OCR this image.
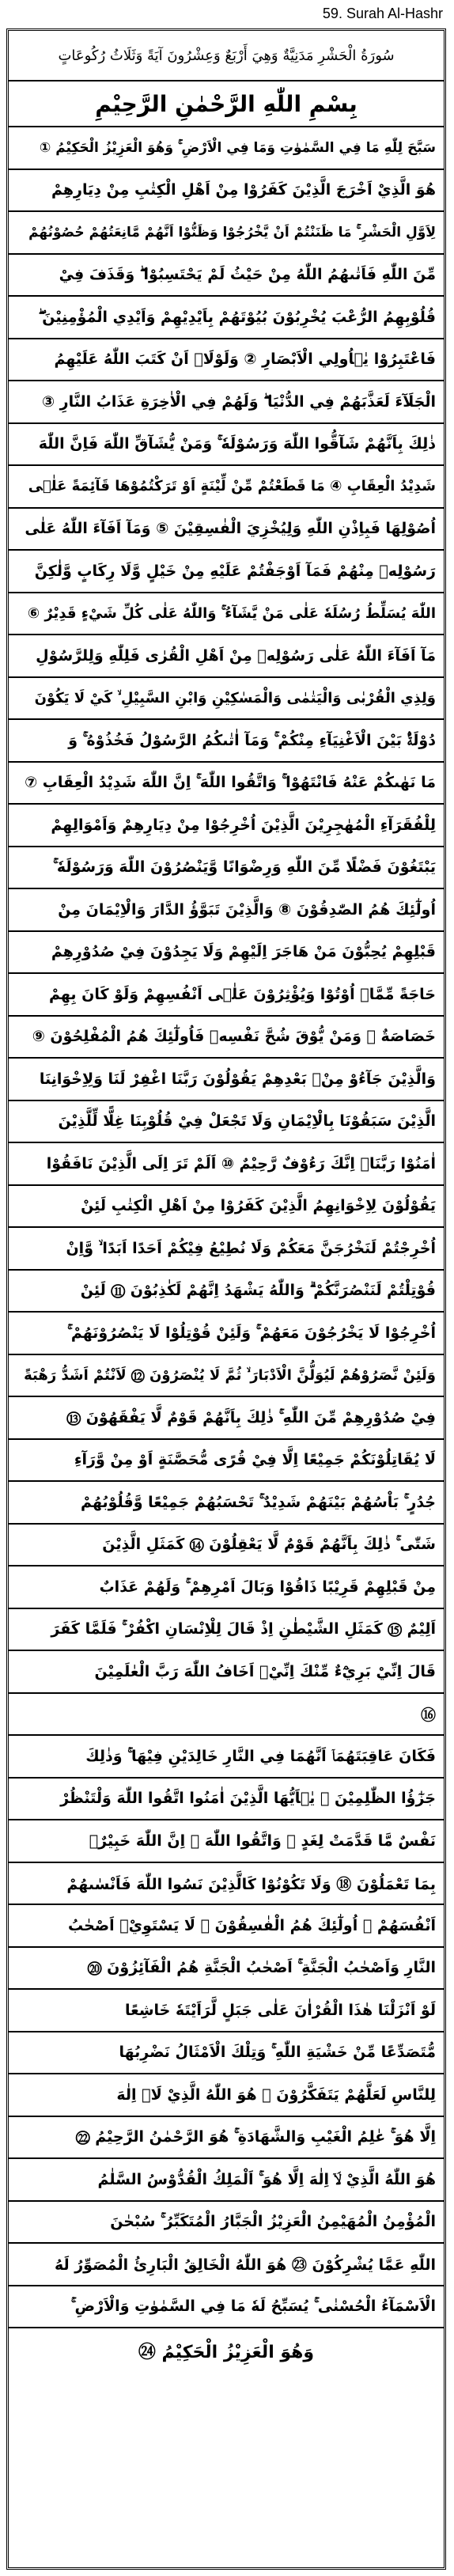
59. Surah Al-Hashr
سُورَةُ الْحَشْرِ مَدَنِيَّةٌ وَهِيَ أَرْبَعٌ وَعِشْرُونَ آيَةً وَثَلَاثُ رُكُوعَاتٍ
بِسْمِ اللّٰهِ الرَّحْمٰنِ الرَّحِيْمِ
سَبَّحَ لِلّٰهِ مَا فِي السَّمٰوٰتِ وَمَا فِي الْاَرْضِ ۚ وَهُوَ الْعَزِيْزُ الْحَكِيْمُ ①
هُوَ الَّذِيْ اَخْرَجَ الَّذِيْنَ كَفَرُوْا مِنْ اَهْلِ الْكِتٰبِ مِنْ دِيَارِهِمْ
لِاَوَّلِ الْحَشْرِ ۚ مَا ظَنَنْتُمْ اَنْ يَّخْرُجُوْا وَظَنُّوْا اَنَّهُمْ مَّانِعَتُهُمْ حُصُوْنُهُمْ
مِّنَ اللّٰهِ فَاَتٰىهُمُ اللّٰهُ مِنْ حَيْثُ لَمْ يَحْتَسِبُوْا ۖ وَقَذَفَ فِيْ
قُلُوْبِهِمُ الرُّعْبَ يُخْرِبُوْنَ بُيُوْتَهُمْ بِاَيْدِيْهِمْ وَاَيْدِي الْمُؤْمِنِيْنَ ۖ
فَاعْتَبِرُوْا يٰۤاُولِي الْاَبْصَارِ ② وَلَوْلَاۤ اَنْ كَتَبَ اللّٰهُ عَلَيْهِمُ
الْجَلَآءَ لَعَذَّبَهُمْ فِي الدُّنْيَا ۖ وَلَهُمْ فِي الْاٰخِرَةِ عَذَابُ النَّارِ ③
ذٰلِكَ بِاَنَّهُمْ شَآقُّوا اللّٰهَ وَرَسُوْلَهٗ ۚ وَمَنْ يُّشَآقِّ اللّٰهَ فَاِنَّ اللّٰهَ
شَدِيْدُ الْعِقَابِ ④ مَا قَطَعْتُمْ مِّنْ لِّيْنَةٍ اَوْ تَرَكْتُمُوْهَا قَآئِمَةً عَلٰۤى
اُصُوْلِهَا فَبِاِذْنِ اللّٰهِ وَلِيُخْزِيَ الْفٰسِقِيْنَ ⑤ وَمَآ اَفَآءَ اللّٰهُ عَلٰى
رَسُوْلِهٖ مِنْهُمْ فَمَآ اَوْجَفْتُمْ عَلَيْهِ مِنْ خَيْلٍ وَّلَا رِكَابٍ وَّلٰكِنَّ
اللّٰهَ يُسَلِّطُ رُسُلَهٗ عَلٰى مَنْ يَّشَآءُ ۚ وَاللّٰهُ عَلٰى كُلِّ شَيْءٍ قَدِيْرٌ ⑥
مَآ اَفَآءَ اللّٰهُ عَلٰى رَسُوْلِهٖ مِنْ اَهْلِ الْقُرٰى فَلِلّٰهِ وَلِلرَّسُوْلِ
وَلِذِي الْقُرْبٰى وَالْيَتٰمٰى وَالْمَسٰكِيْنِ وَابْنِ السَّبِيْلِ ۙ كَيْ لَا يَكُوْنَ
دُوْلَةًۢ بَيْنَ الْاَغْنِيَآءِ مِنْكُمْ ۚ وَمَآ اٰتٰىكُمُ الرَّسُوْلُ فَخُذُوْهُ ۚ وَ
مَا نَهٰىكُمْ عَنْهُ فَانْتَهُوْا ۚ وَاتَّقُوا اللّٰهَ ۚ اِنَّ اللّٰهَ شَدِيْدُ الْعِقَابِ ⑦
لِلْفُقَرَآءِ الْمُهٰجِرِيْنَ الَّذِيْنَ اُخْرِجُوْا مِنْ دِيَارِهِمْ وَاَمْوَالِهِمْ
يَبْتَغُوْنَ فَضْلًا مِّنَ اللّٰهِ وَرِضْوَانًا وَّيَنْصُرُوْنَ اللّٰهَ وَرَسُوْلَهٗ ۚ
اُولٰٓئِكَ هُمُ الصّٰدِقُوْنَ ⑧ وَالَّذِيْنَ تَبَوَّؤُ الدَّارَ وَالْاِيْمَانَ مِنْ
قَبْلِهِمْ يُحِبُّوْنَ مَنْ هَاجَرَ اِلَيْهِمْ وَلَا يَجِدُوْنَ فِيْ صُدُوْرِهِمْ
حَاجَةً مِّمَّاۤ اُوْتُوْا وَيُؤْثِرُوْنَ عَلٰۤى اَنْفُسِهِمْ وَلَوْ كَانَ بِهِمْ
خَصَاصَةٌ ۗ وَمَنْ يُّوْقَ شُحَّ نَفْسِهٖ فَاُولٰٓئِكَ هُمُ الْمُفْلِحُوْنَ ⑨
وَالَّذِيْنَ جَآءُوْ مِنْۢ بَعْدِهِمْ يَقُوْلُوْنَ رَبَّنَا اغْفِرْ لَنَا وَلِاِخْوَانِنَا
الَّذِيْنَ سَبَقُوْنَا بِالْاِيْمَانِ وَلَا تَجْعَلْ فِيْ قُلُوْبِنَا غِلًّا لِّلَّذِيْنَ
اٰمَنُوْا رَبَّنَاۤ اِنَّكَ رَءُوْفٌ رَّحِيْمٌ ⑩ اَلَمْ تَرَ اِلَى الَّذِيْنَ نَافَقُوْا
يَقُوْلُوْنَ لِاِخْوَانِهِمُ الَّذِيْنَ كَفَرُوْا مِنْ اَهْلِ الْكِتٰبِ لَئِنْ
اُخْرِجْتُمْ لَنَخْرُجَنَّ مَعَكُمْ وَلَا نُطِيْعُ فِيْكُمْ اَحَدًا اَبَدًا ۙ وَّاِنْ
قُوْتِلْتُمْ لَنَنْصُرَنَّكُمْ ۗ وَاللّٰهُ يَشْهَدُ اِنَّهُمْ لَكٰذِبُوْنَ ⑪ لَئِنْ
اُخْرِجُوْا لَا يَخْرُجُوْنَ مَعَهُمْ ۚ وَلَئِنْ قُوْتِلُوْا لَا يَنْصُرُوْنَهُمْ ۚ
وَلَئِنْ نَّصَرُوْهُمْ لَيُوَلُّنَّ الْاَدْبَارَ ۙ ثُمَّ لَا يُنْصَرُوْنَ ⑫ لَاَنْتُمْ اَشَدُّ رَهْبَةً
فِيْ صُدُوْرِهِمْ مِّنَ اللّٰهِ ۚ ذٰلِكَ بِاَنَّهُمْ قَوْمٌ لَّا يَفْقَهُوْنَ ⑬
لَا يُقَاتِلُوْنَكُمْ جَمِيْعًا اِلَّا فِيْ قُرًى مُّحَصَّنَةٍ اَوْ مِنْ وَّرَآءِ
جُدُرٍ ۚ بَاْسُهُمْ بَيْنَهُمْ شَدِيْدٌ ۚ تَحْسَبُهُمْ جَمِيْعًا وَّقُلُوْبُهُمْ
شَتّٰى ۚ ذٰلِكَ بِاَنَّهُمْ قَوْمٌ لَّا يَعْقِلُوْنَ ⑭ كَمَثَلِ الَّذِيْنَ
مِنْ قَبْلِهِمْ قَرِيْبًا ذَاقُوْا وَبَالَ اَمْرِهِمْ ۚ وَلَهُمْ عَذَابٌ
اَلِيْمٌ ⑮ كَمَثَلِ الشَّيْطٰنِ اِذْ قَالَ لِلْاِنْسَانِ اكْفُرْ ۚ فَلَمَّا كَفَرَ
قَالَ اِنِّيْ بَرِيْٓءٌ مِّنْكَ اِنِّيْۤ اَخَافُ اللّٰهَ رَبَّ الْعٰلَمِيْنَ
⑯
فَكَانَ عَاقِبَتَهُمَاۤ اَنَّهُمَا فِي النَّارِ خَالِدَيْنِ فِيْهَا ۚ وَذٰلِكَ
جَزٰٓؤُا الظّٰلِمِيْنَ ⑰ يٰۤاَيُّهَا الَّذِيْنَ اٰمَنُوا اتَّقُوا اللّٰهَ وَلْتَنْظُرْ
نَفْسٌ مَّا قَدَّمَتْ لِغَدٍ ۚ وَاتَّقُوا اللّٰهَ ۚ اِنَّ اللّٰهَ خَبِيْرٌۢ
بِمَا تَعْمَلُوْنَ ⑱ وَلَا تَكُوْنُوْا كَالَّذِيْنَ نَسُوا اللّٰهَ فَاَنْسٰىهُمْ
اَنْفُسَهُمْ ۚ اُولٰٓئِكَ هُمُ الْفٰسِقُوْنَ ⑲ لَا يَسْتَوِيْۤ اَصْحٰبُ
النَّارِ وَاَصْحٰبُ الْجَنَّةِ ۚ اَصْحٰبُ الْجَنَّةِ هُمُ الْفَآئِزُوْنَ ⑳
لَوْ اَنْزَلْنَا هٰذَا الْقُرْاٰنَ عَلٰى جَبَلٍ لَّرَاَيْتَهٗ خَاشِعًا
مُّتَصَدِّعًا مِّنْ خَشْيَةِ اللّٰهِ ۚ وَتِلْكَ الْاَمْثَالُ نَضْرِبُهَا
لِلنَّاسِ لَعَلَّهُمْ يَتَفَكَّرُوْنَ ㉑ هُوَ اللّٰهُ الَّذِيْ لَاۤ اِلٰهَ
اِلَّا هُوَ ۚ عٰلِمُ الْغَيْبِ وَالشَّهَادَةِ ۚ هُوَ الرَّحْمٰنُ الرَّحِيْمُ ㉒
هُوَ اللّٰهُ الَّذِيْ لَاۤ اِلٰهَ اِلَّا هُوَ ۚ اَلْمَلِكُ الْقُدُّوْسُ السَّلٰمُ
الْمُؤْمِنُ الْمُهَيْمِنُ الْعَزِيْزُ الْجَبَّارُ الْمُتَكَبِّرُ ۚ سُبْحٰنَ
اللّٰهِ عَمَّا يُشْرِكُوْنَ ㉓ هُوَ اللّٰهُ الْخَالِقُ الْبَارِئُ الْمُصَوِّرُ لَهُ
الْاَسْمَآءُ الْحُسْنٰى ۚ يُسَبِّحُ لَهٗ مَا فِي السَّمٰوٰتِ وَالْاَرْضِ ۚ
وَهُوَ الْعَزِيْزُ الْحَكِيْمُ ㉔
